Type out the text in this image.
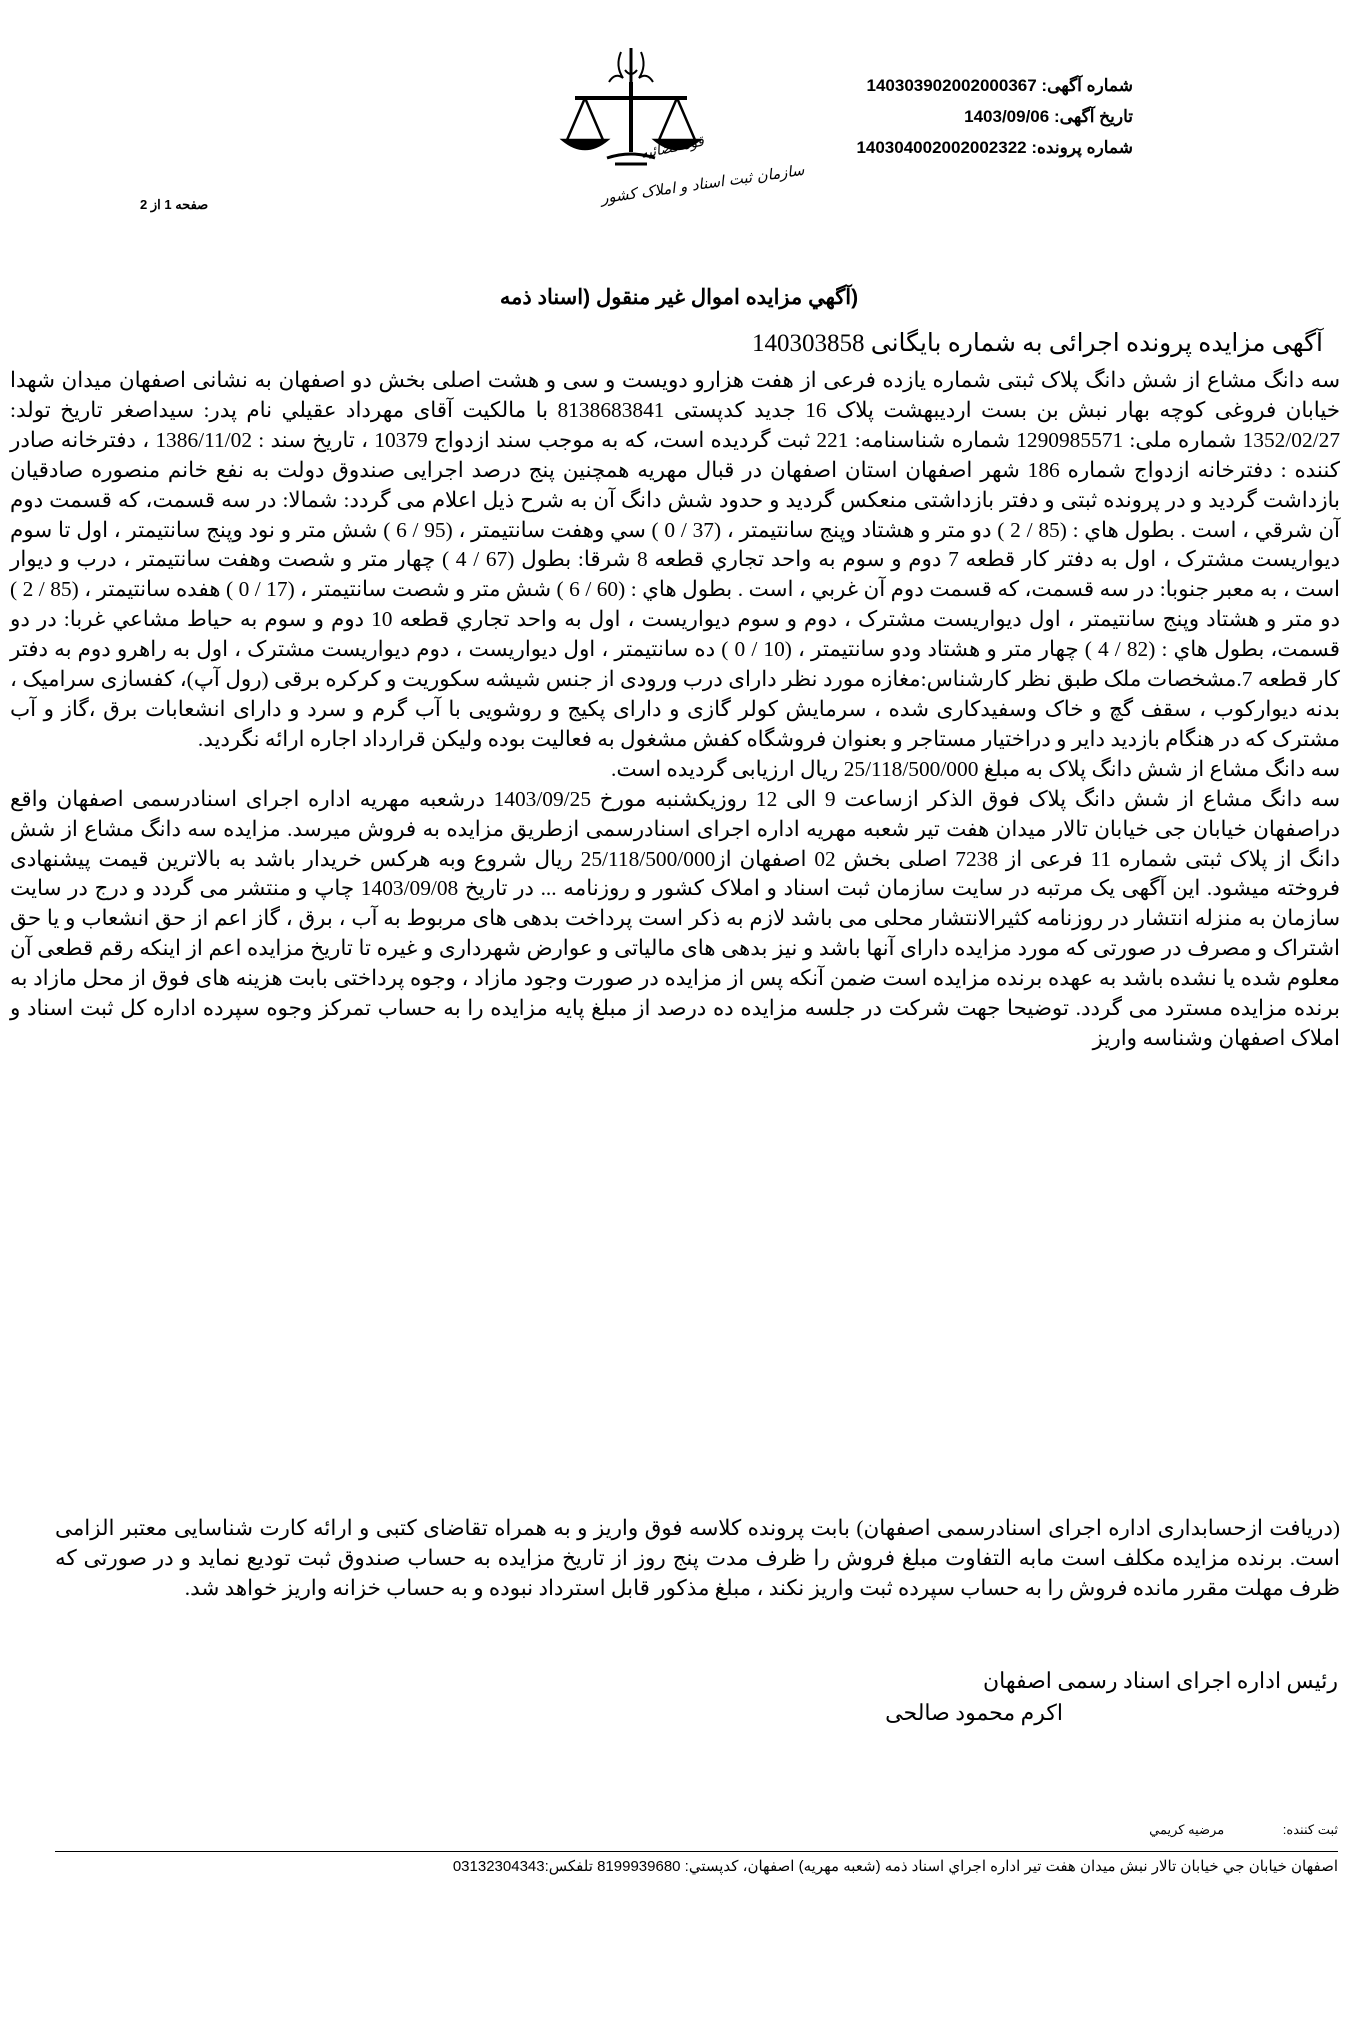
شماره آگهی: 140303902002000367
تاریخ آگهی: 1403/09/06
شماره پرونده: 140304002002002322
قوه قضائیه
سازمان ثبت اسناد و املاک کشور
صفحه 1 از 2
(آگهي مزايده اموال غير منقول (اسناد ذمه
آگهی مزایده پرونده اجرائی به شماره بایگانی 140303858

سه دانگ مشاع از شش دانگ پلاک ثبتی شماره یازده فرعی از هفت هزارو دویست و سی و هشت اصلی بخش دو اصفهان به نشانی اصفهان میدان شهدا خیابان فروغی کوچه بهار نبش بن بست اردیبهشت پلاک 16 جدید کدپستی 8138683841 با مالکیت آقای مهرداد عقیلي نام پدر: سیداصغر تاریخ تولد: 1352/02/27 شماره ملی: 1290985571 شماره شناسنامه: 221 ثبت گردیده است، که به موجب سند ازدواج 10379 ، تاریخ سند : 1386/11/02 ، دفترخانه صادر کننده : دفترخانه ازدواج شماره 186 شهر اصفهان استان اصفهان در قبال مهریه همچنین پنج درصد اجرایی صندوق دولت به نفع خانم منصوره صادقیان بازداشت گردید و در پرونده ثبتی و دفتر بازداشتی منعکس گردید و حدود شش دانگ آن به شرح ذیل اعلام می گردد: شمالا: در سه قسمت، که قسمت دوم آن شرقي ، است . بطول هاي : (85 / 2 ) دو متر و هشتاد وپنج سانتيمتر ، (37 / 0 ) سي وهفت سانتيمتر ، (95 / 6 ) شش متر و نود وپنج سانتيمتر ، اول تا سوم ديواريست مشترک ، اول به دفتر کار قطعه 7 دوم و سوم به واحد تجاري قطعه 8 شرقا: بطول (67 / 4 ) چهار متر و شصت وهفت سانتيمتر ، درب و ديوار است ، به معبر جنوبا: در سه قسمت، که قسمت دوم آن غربي ، است . بطول هاي : (60 / 6 ) شش متر و شصت سانتيمتر ، (17 / 0 ) هفده سانتيمتر ، (85 / 2 ) دو متر و هشتاد وپنج سانتيمتر ، اول ديواريست مشترک ، دوم و سوم ديواريست ، اول به واحد تجاري قطعه 10 دوم و سوم به حياط مشاعي غربا: در دو قسمت، بطول هاي : (82 / 4 ) چهار متر و هشتاد ودو سانتيمتر ، (10 / 0 ) ده سانتيمتر ، اول ديواريست ، دوم ديواريست مشترک ، اول به راهرو دوم به دفتر کار قطعه 7.مشخصات ملک طبق نظر کارشناس:مغازه مورد نظر دارای درب ورودی از جنس شیشه سکوریت و کرکره برقی (رول آپ)، کفسازی سرامیک ، بدنه دیوارکوب ، سقف گچ و خاک وسفیدکاری شده ، سرمایش کولر گازی و دارای پکیج و روشویی با آب گرم و سرد و دارای انشعابات برق ،گاز و آب مشترک که در هنگام بازدید دایر و دراختیار مستاجر و بعنوان فروشگاه کفش مشغول به فعالیت بوده ولیکن قرارداد اجاره ارائه نگردید.

سه دانگ مشاع از شش دانگ پلاک به مبلغ 25/118/500/000 ریال ارزیابی گردیده است.

سه دانگ مشاع از شش دانگ پلاک فوق الذکر ازساعت 9 الی 12 روزیکشنبه مورخ 1403/09/25 درشعبه مهریه اداره اجرای اسنادرسمی اصفهان واقع دراصفهان خیابان جی خیابان تالار میدان هفت تیر شعبه مهریه اداره اجرای اسنادرسمی ازطریق مزایده به فروش میرسد. مزایده سه دانگ مشاع از شش دانگ از پلاک ثبتی شماره 11 فرعی از 7238 اصلی بخش 02 اصفهان از25/118/500/000 ریال شروع وبه هرکس خریدار باشد به بالاترین قیمت پیشنهادی فروخته میشود. این آگهی یک مرتبه در سایت سازمان ثبت اسناد و املاک کشور و روزنامه ... در تاریخ 1403/09/08 چاپ و منتشر می گردد و درج در سایت سازمان به منزله انتشار در روزنامه کثیرالانتشار محلی می باشد لازم به ذکر است پرداخت بدهی های مربوط به آب ، برق ، گاز اعم از حق انشعاب و یا حق اشتراک و مصرف در صورتی که مورد مزایده دارای آنها باشد و نیز بدهی های مالیاتی و عوارض شهرداری و غیره تا تاریخ مزایده اعم از اینکه رقم قطعی آن معلوم شده یا نشده باشد به عهده برنده مزایده است ضمن آنکه پس از مزایده در صورت وجود مازاد ، وجوه پرداختی بابت هزینه های فوق از محل مازاد به برنده مزایده مسترد می گردد. توضیحا جهت شرکت در جلسه مزایده ده درصد از مبلغ پایه مزایده را به حساب تمرکز وجوه سپرده اداره کل ثبت اسناد و املاک اصفهان وشناسه واریز

(دریافت ازحسابداری اداره اجرای اسنادرسمی اصفهان) بابت پرونده کلاسه فوق واریز و به همراه تقاضای کتبی و ارائه کارت شناسایی معتبر الزامی است. برنده مزایده مکلف است مابه التفاوت مبلغ فروش را ظرف مدت پنج روز از تاریخ مزایده به حساب صندوق ثبت تودیع نماید و در صورتی که ظرف مهلت مقرر مانده فروش را به حساب سپرده ثبت واریز نکند ، مبلغ مذکور قابل استرداد نبوده و به حساب خزانه واریز خواهد شد.

رئیس اداره اجرای اسناد رسمی اصفهان
اکرم محمود صالحی
ثبت کننده: مرضیه کریمي
اصفهان خيابان جي خيابان تالار نبش ميدان هفت تير اداره اجراي اسناد ذمه (شعبه مهريه) اصفهان، كدپستي: 8199939680 تلفكس:03132304343
